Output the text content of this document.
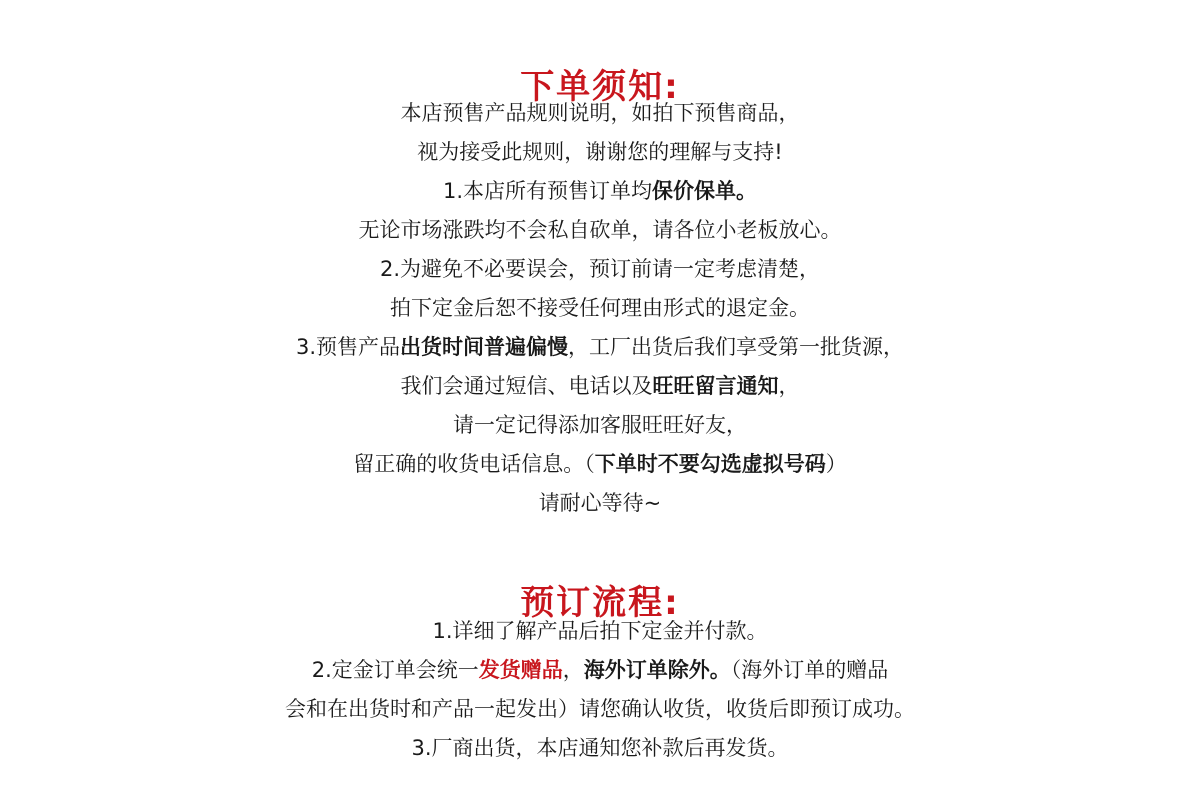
下单须知:
本店预售产品规则说明，如拍下预售商品，
视为接受此规则，谢谢您的理解与支持!
1.本店所有预售订单均保价保单。
无论市场涨跌均不会私自砍单，请各位小老板放心。
2.为避免不必要误会，预订前请一定考虑清楚，
拍下定金后恕不接受任何理由形式的退定金。
3.预售产品出货时间普遍偏慢，工厂出货后我们享受第一批货源，
我们会通过短信、电话以及旺旺留言通知，
请一定记得添加客服旺旺好友，
留正确的收货电话信息。（下单时不要勾选虚拟号码）
请耐心等待~
预订流程:
1.详细了解产品后拍下定金并付款。
2.定金订单会统一发货赠品，海外订单除外。（海外订单的赠品
会和在出货时和产品一起发出）请您确认收货，收货后即预订成功。
3.厂商出货，本店通知您补款后再发货。
